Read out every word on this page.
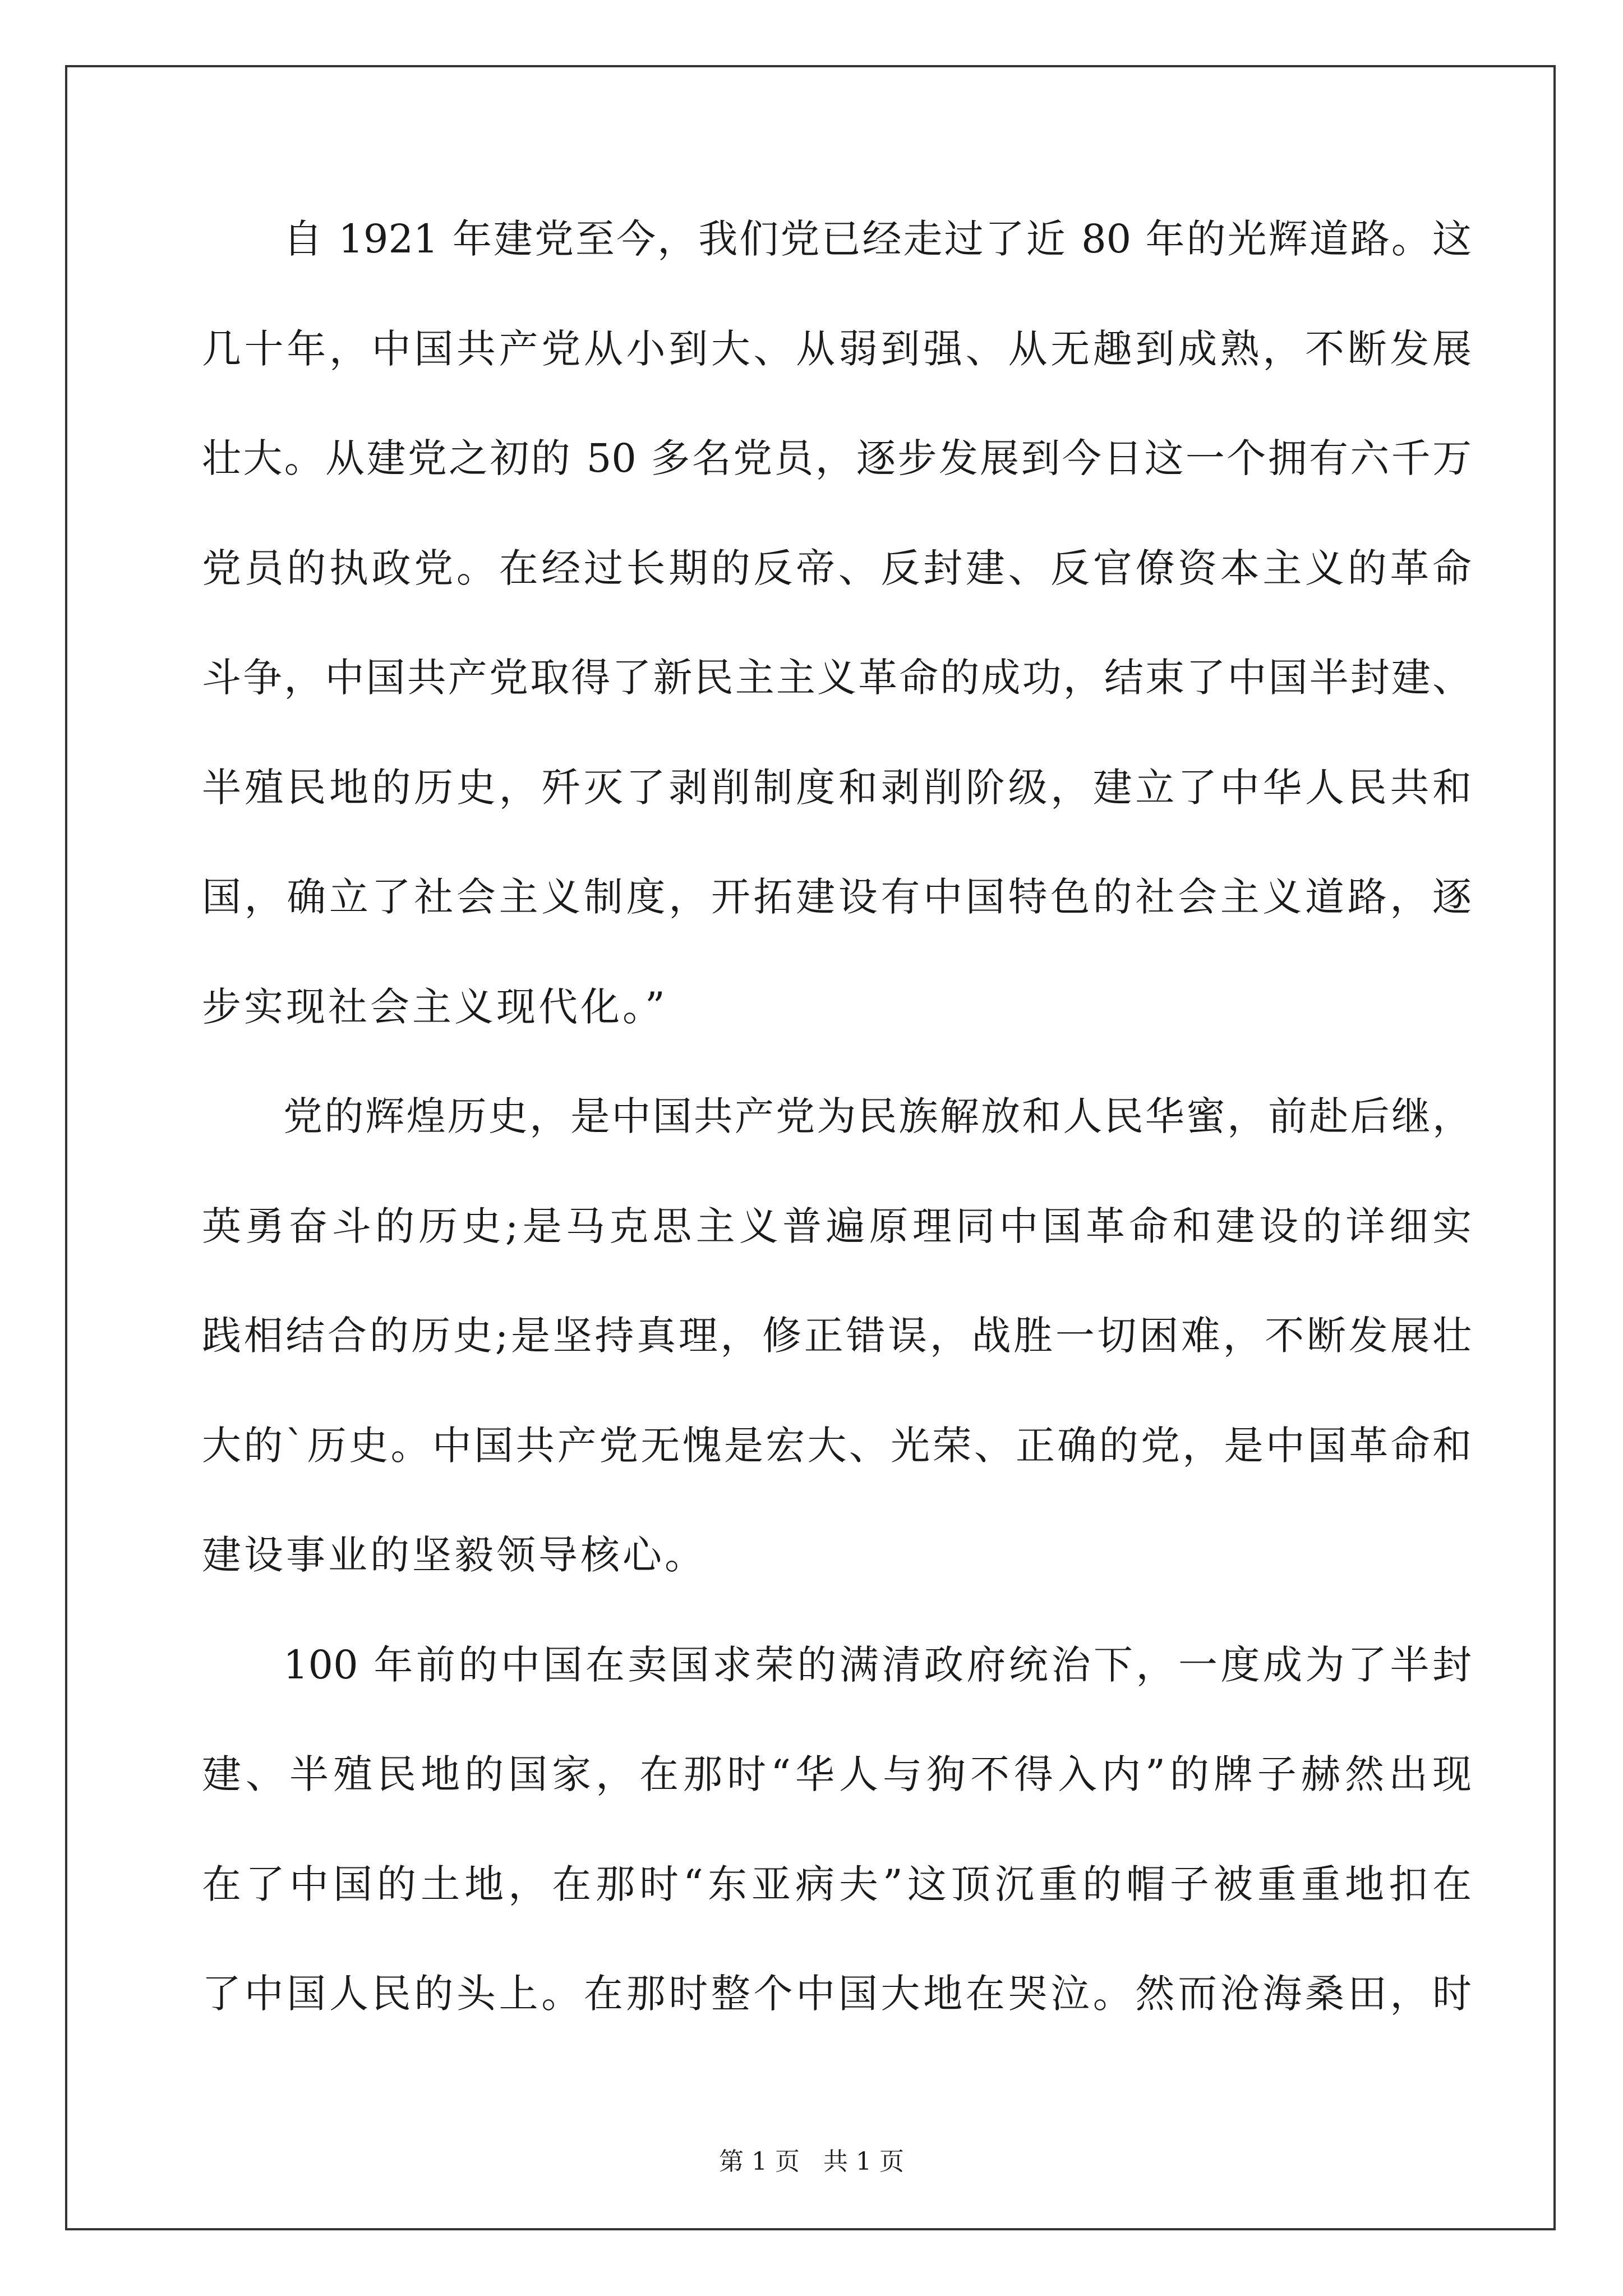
自 1921 年建党至今，我们党已经走过了近 80 年的光辉道路。这
几十年，中国共产党从小到大、从弱到强、从无趣到成熟，不断发展
壮大。从建党之初的 50 多名党员，逐步发展到今日这一个拥有六千万
党员的执政党。在经过长期的反帝、反封建、反官僚资本主义的革命
斗争，中国共产党取得了新民主主义革命的成功，结束了中国半封建、
半殖民地的历史，歼灭了剥削制度和剥削阶级，建立了中华人民共和
国，确立了社会主义制度，开拓建设有中国特色的社会主义道路，逐
步实现社会主义现代化。”
党的辉煌历史，是中国共产党为民族解放和人民华蜜，前赴后继，
英勇奋斗的历史;是马克思主义普遍原理同中国革命和建设的详细实
践相结合的历史;是坚持真理，修正错误，战胜一切困难，不断发展壮
大的`历史。中国共产党无愧是宏大、光荣、正确的党，是中国革命和
建设事业的坚毅领导核心。
100 年前的中国在卖国求荣的满清政府统治下，一度成为了半封
建、半殖民地的国家，在那时“华人与狗不得入内”的牌子赫然出现
在了中国的土地，在那时“东亚病夫”这顶沉重的帽子被重重地扣在
了中国人民的头上。在那时整个中国大地在哭泣。然而沧海桑田，时
第 1 页   共 1 页
